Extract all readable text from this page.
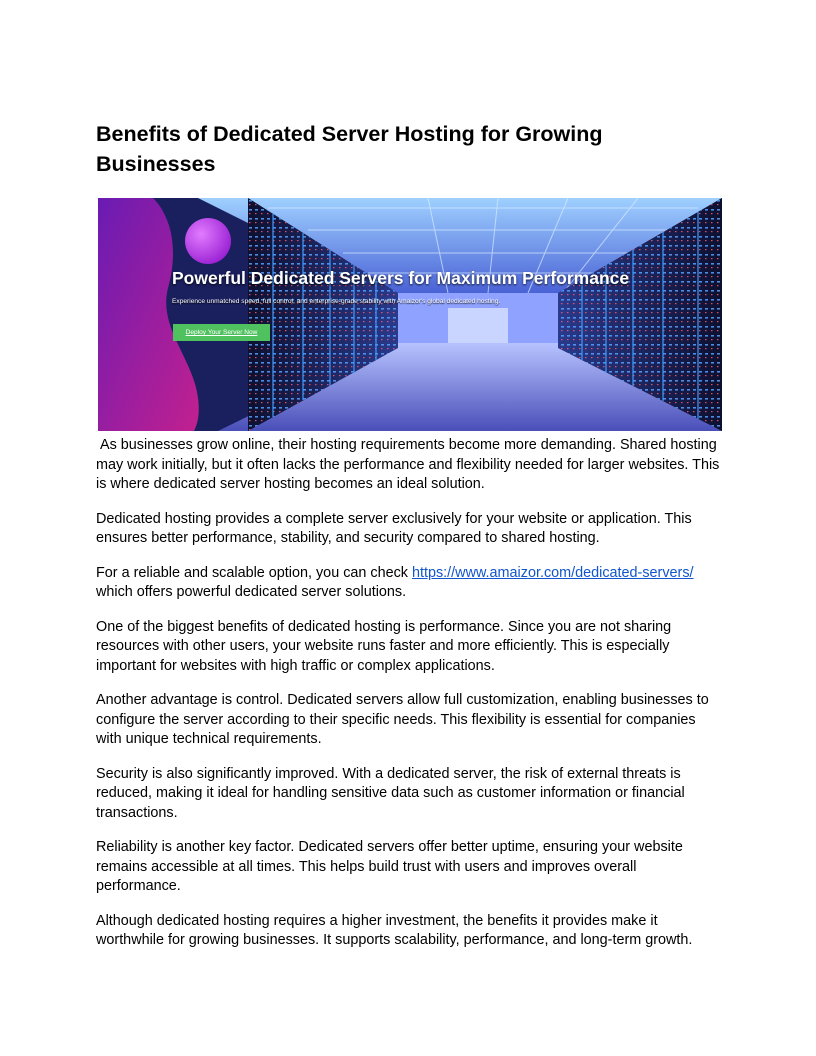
Benefits of Dedicated Server Hosting for Growing Businesses
Powerful Dedicated Servers for Maximum Performance
Experience unmatched speed, full control, and enterprise-grade stability with Amaizor's global dedicated hosting.
Deploy Your Server Now

As businesses grow online, their hosting requirements become more demanding. Shared hosting may work initially, but it often lacks the performance and flexibility needed for larger websites. This is where dedicated server hosting becomes an ideal solution.

Dedicated hosting provides a complete server exclusively for your website or application. This ensures better performance, stability, and security compared to shared hosting.

For a reliable and scalable option, you can check https://www.amaizor.com/dedicated-servers/ which offers powerful dedicated server solutions.

One of the biggest benefits of dedicated hosting is performance. Since you are not sharing resources with other users, your website runs faster and more efficiently. This is especially important for websites with high traffic or complex applications.

Another advantage is control. Dedicated servers allow full customization, enabling businesses to configure the server according to their specific needs. This flexibility is essential for companies with unique technical requirements.

Security is also significantly improved. With a dedicated server, the risk of external threats is reduced, making it ideal for handling sensitive data such as customer information or financial transactions.

Reliability is another key factor. Dedicated servers offer better uptime, ensuring your website remains accessible at all times. This helps build trust with users and improves overall performance.

Although dedicated hosting requires a higher investment, the benefits it provides make it worthwhile for growing businesses. It supports scalability, performance, and long-term growth.
